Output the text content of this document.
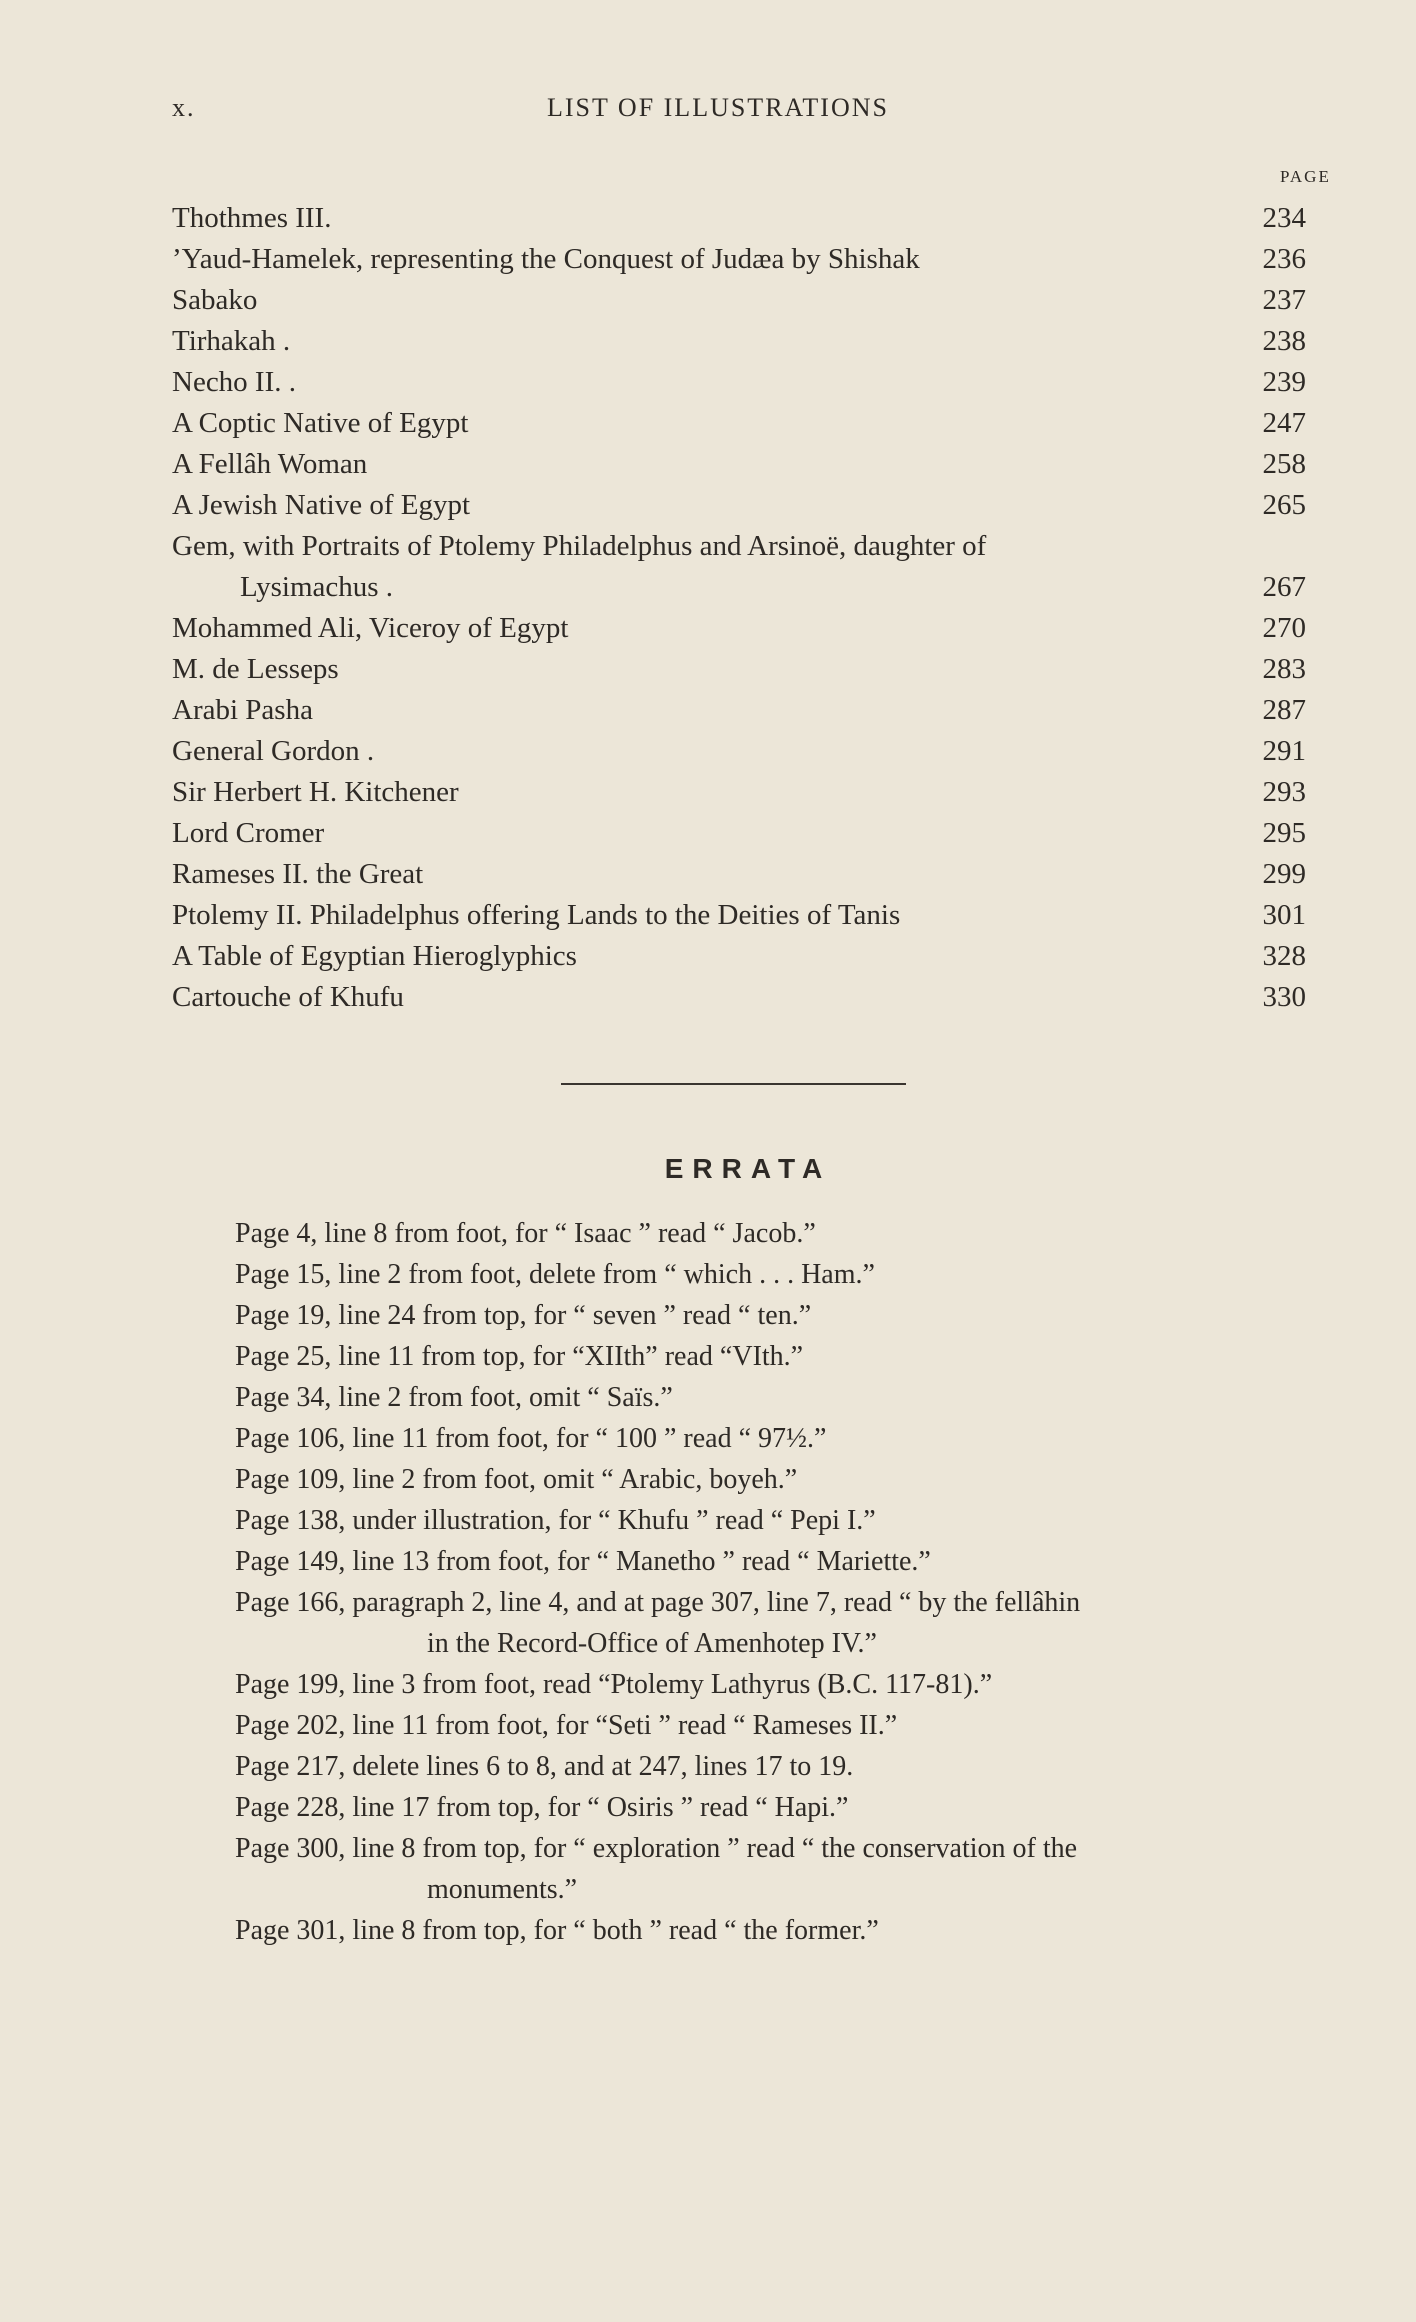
x.	LIST OF ILLUSTRATIONS
PAGE
Thothmes III.	234
’Yaud-Hamelek, representing the Conquest of Judæa by Shishak	236
Sabako	237
Tirhakah .	238
Necho II. .	239
A Coptic Native of Egypt	247
A Fellâh Woman	258
A Jewish Native of Egypt	265
Gem, with Portraits of Ptolemy Philadelphus and Arsinoë, daughter of
Lysimachus .	267
Mohammed Ali, Viceroy of Egypt	270
M. de Lesseps	283
Arabi Pasha	287
General Gordon .	291
Sir Herbert H. Kitchener	293
Lord Cromer	295
Rameses II. the Great	299
Ptolemy II. Philadelphus offering Lands to the Deities of Tanis	301
A Table of Egyptian Hieroglyphics	328
Cartouche of Khufu	330
ERRATA
Page 4, line 8 from foot, for “ Isaac ” read “ Jacob.”
Page 15, line 2 from foot, delete from “ which . . . Ham.”
Page 19, line 24 from top, for “ seven ” read “ ten.”
Page 25, line 11 from top, for “XIIth” read “VIth.”
Page 34, line 2 from foot, omit “ Saïs.”
Page 106, line 11 from foot, for “ 100 ” read “ 97½.”
Page 109, line 2 from foot, omit “ Arabic, boyeh.”
Page 138, under illustration, for “ Khufu ” read “ Pepi I.”
Page 149, line 13 from foot, for “ Manetho ” read “ Mariette.”
Page 166, paragraph 2, line 4, and at page 307, line 7, read “ by the fellâhin
in the Record-Office of Amenhotep IV.”
Page 199, line 3 from foot, read “Ptolemy Lathyrus (B.C. 117-81).”
Page 202, line 11 from foot, for “Seti ” read “ Rameses II.”
Page 217, delete lines 6 to 8, and at 247, lines 17 to 19.
Page 228, line 17 from top, for “ Osiris ” read “ Hapi.”
Page 300, line 8 from top, for “ exploration ” read “ the conservation of the
monuments.”
Page 301, line 8 from top, for “ both ” read “ the former.”
